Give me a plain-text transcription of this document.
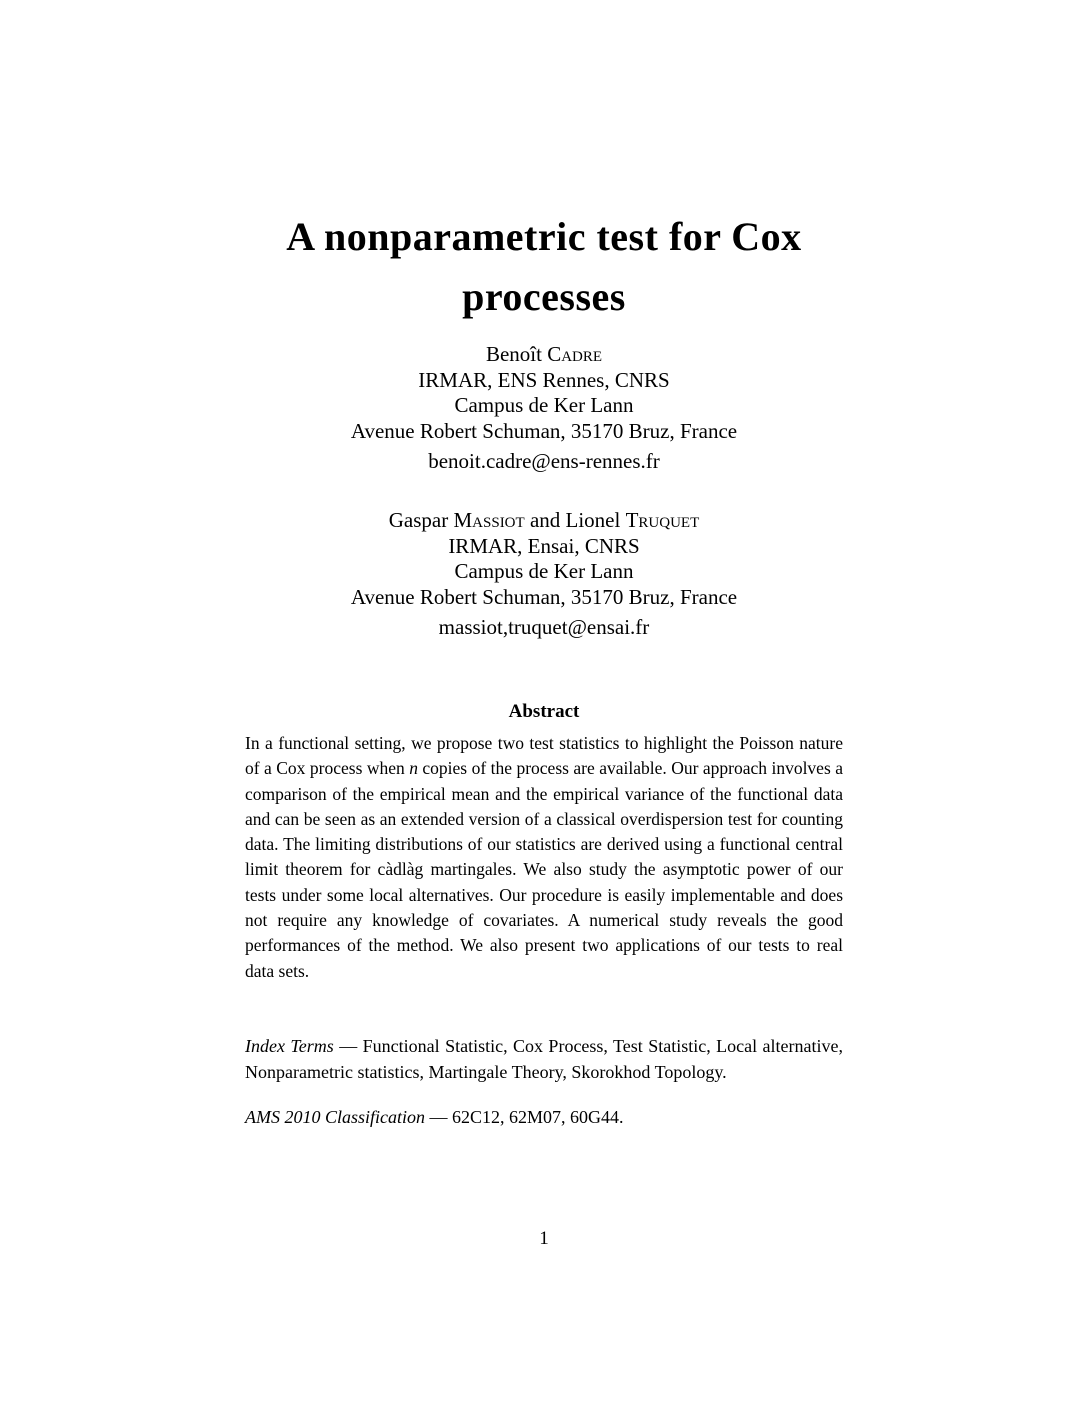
A nonparametric test for Cox
processes
Benoît Cadre
IRMAR, ENS Rennes, CNRS
Campus de Ker Lann
Avenue Robert Schuman, 35170 Bruz, France
benoit.cadre@ens-rennes.fr
Gaspar Massiot and Lionel Truquet
IRMAR, Ensai, CNRS
Campus de Ker Lann
Avenue Robert Schuman, 35170 Bruz, France
massiot,truquet@ensai.fr
Abstract
In a functional setting, we propose two test statistics to highlight the Poisson nature of a Cox process when n copies of the process are available. Our approach involves a comparison of the empirical mean and the empirical variance of the functional data and can be seen as an extended version of a classical overdispersion test for counting data. The limiting distributions of our statistics are derived using a functional central limit theorem for càdlàg martingales. We also study the asymptotic power of our tests under some local alternatives. Our procedure is easily implementable and does not require any knowledge of covariates. A numerical study reveals the good performances of the method. We also present two applications of our tests to real data sets.
Index Terms — Functional Statistic, Cox Process, Test Statistic, Local alternative, Nonparametric statistics, Martingale Theory, Skorokhod Topology.
AMS 2010 Classification — 62C12, 62M07, 60G44.
1
